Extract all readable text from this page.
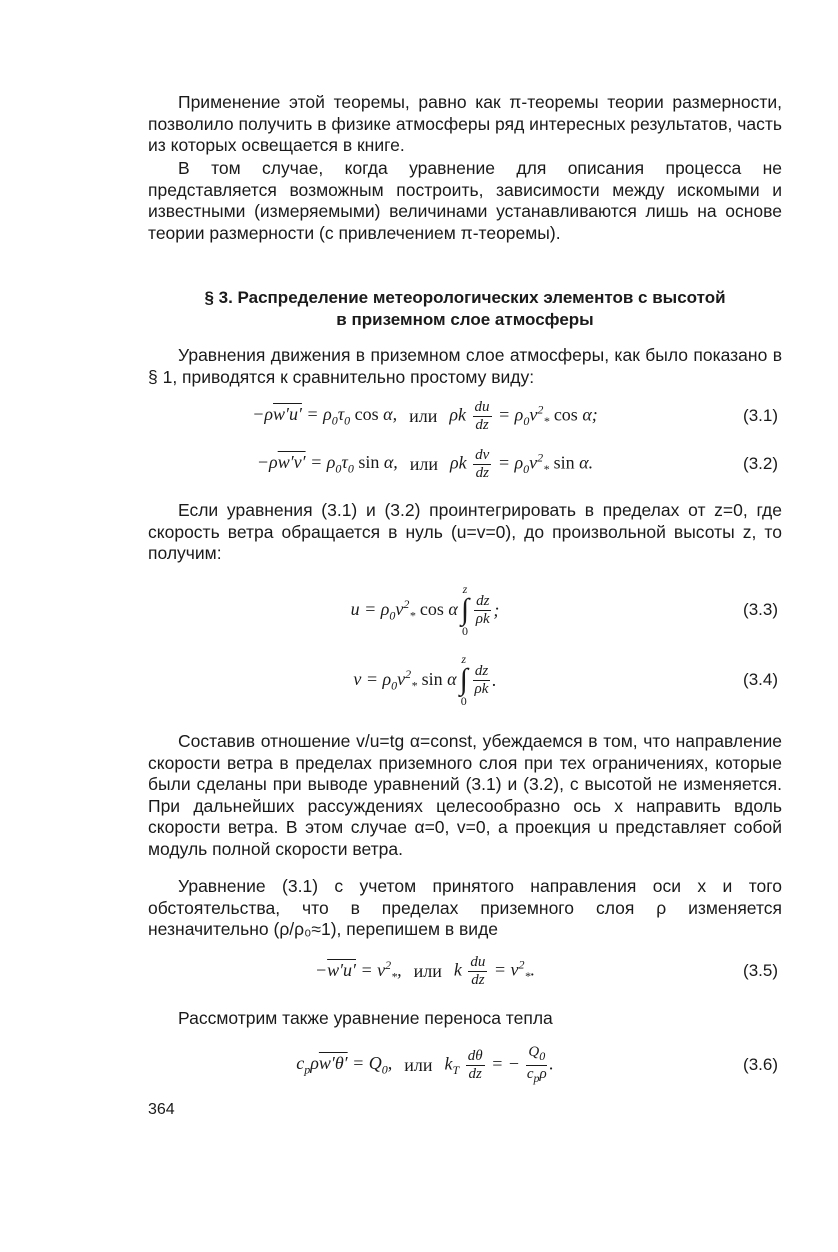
Применение этой теоремы, равно как π-теоремы теории размерности, позволило получить в физике атмосферы ряд интересных результатов, часть из которых освещается в книге.

В том случае, когда уравнение для описания процесса не представляется возможным построить, зависимости между искомыми и известными (измеряемыми) величинами устанавливаются лишь на основе теории размерности (с привлечением π-теоремы).

§ 3. Распределение метеорологических элементов с высотой
в приземном слое атмосферы

Уравнения движения в приземном слое атмосферы, как было показано в § 1, приводятся к сравнительно простому виду:

$-\rho w'u' = \rho_0\tau_0$ cos α, или ρk $\frac{du}{dz} = \rho_0v^2_*$ cos α;	(3.1)
$-\rho w'v' = \rho_0\tau_0$ sin α, или ρk $\frac{dv}{dz} = \rho_0v^2_*$ sin α.	(3.2)

Если уравнения (3.1) и (3.2) проинтегрировать в пределах от z=0, где скорость ветра обращается в нуль (u=v=0), до произвольной высоты z, то получим:

$u = \rho_0v^2_*$ cos α
z
∫
0
$\frac{dz}{\rho k}$ ;	(3.3)
$v = \rho_0v^2_*$ sin α
z
∫
0
$\frac{dz}{\rho k}$ .	(3.4)

Составив отношение v/u=tg α=const, убеждаемся в том, что направление скорости ветра в пределах приземного слоя при тех ограничениях, которые были сделаны при выводе уравнений (3.1) и (3.2), с высотой не изменяется. При дальнейших рассуждениях целесообразно ось x направить вдоль скорости ветра. В этом случае α=0, v=0, а проекция u представляет собой модуль полной скорости ветра.

Уравнение (3.1) с учетом принятого направления оси x и того обстоятельства, что в пределах приземного слоя ρ изменяется незначительно (ρ/ρ₀≈1), перепишем в виде

$-w'u' = v^2_*$, или k $\frac{du}{dz} = v^2_*$.	(3.5)

Рассмотрим также уравнение переноса тепла

$c_p\rho w'\theta' = Q_0$, или $k_T \frac{d\theta}{dz}$ = − $\frac{Q_0}{c_p\rho}$ .	(3.6)
364
